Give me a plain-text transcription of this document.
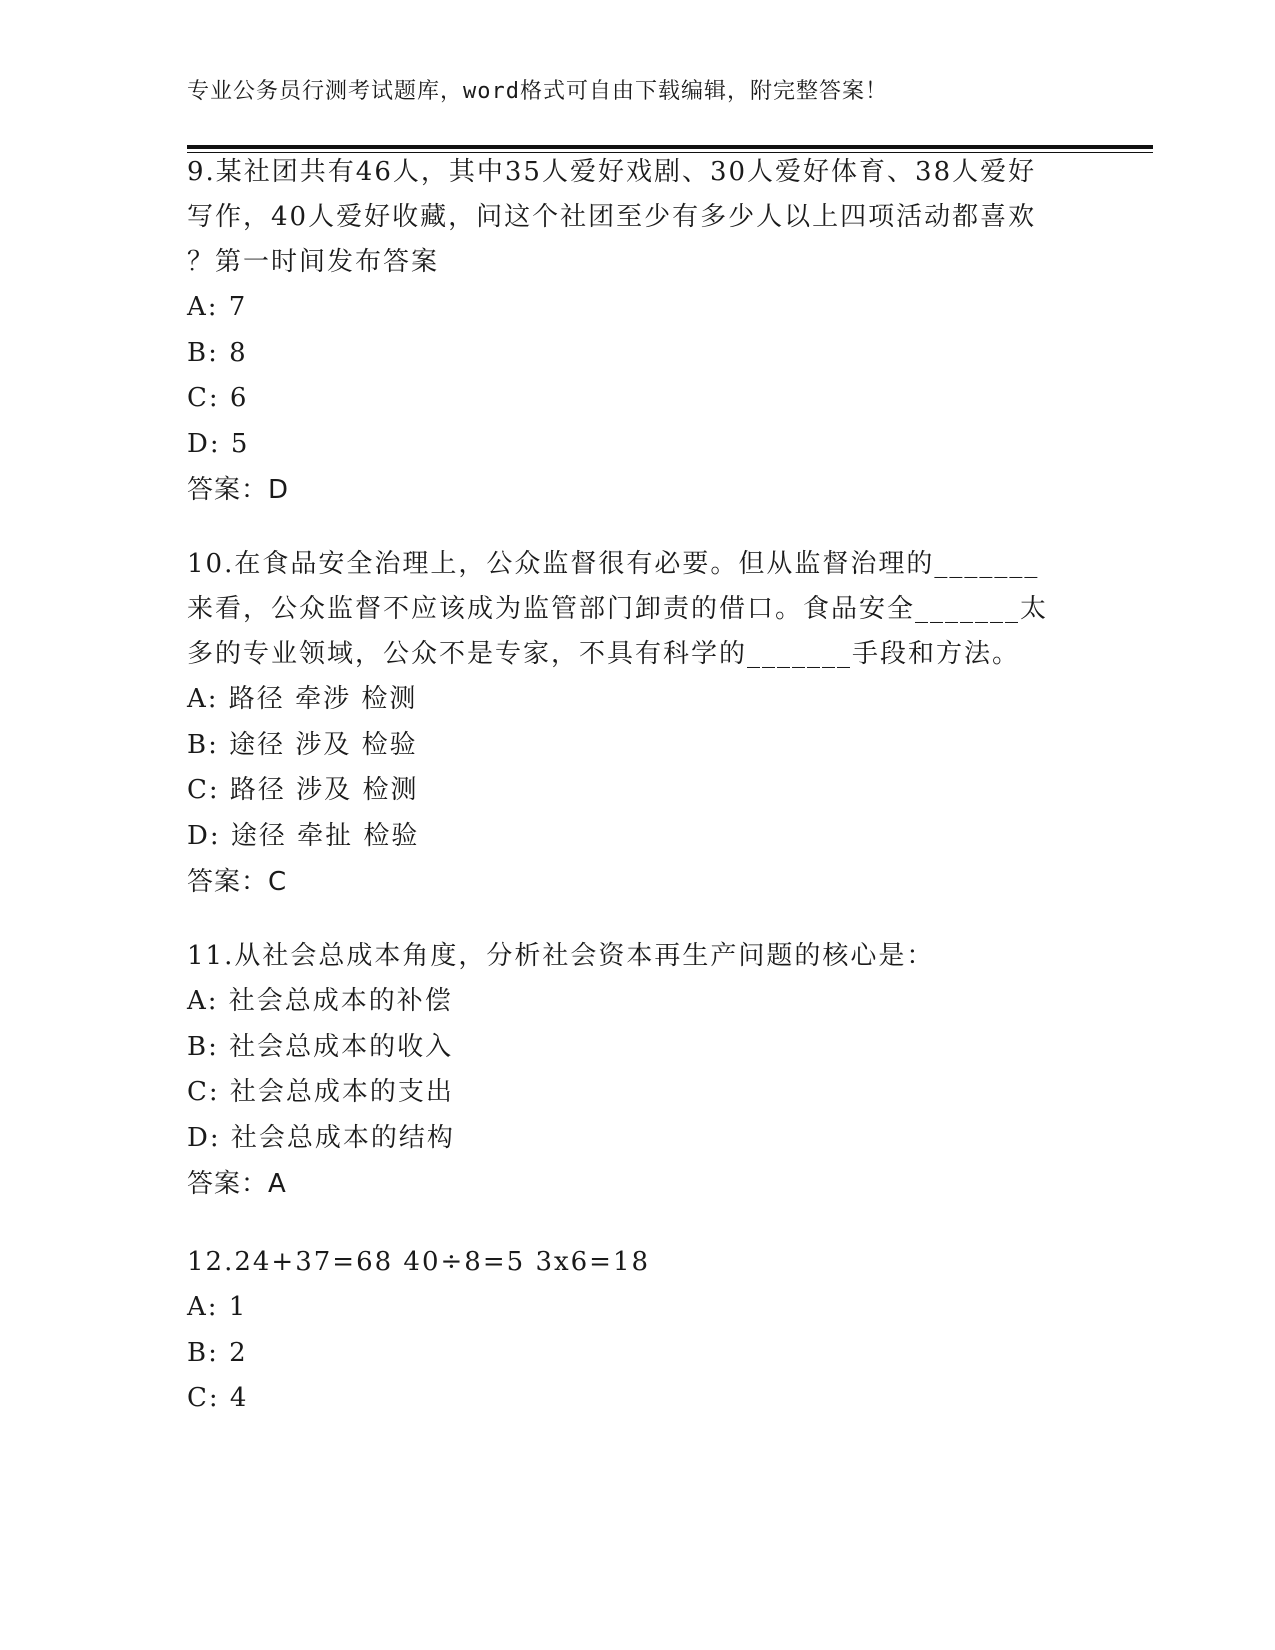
专业公务员行测考试题库，word格式可自由下载编辑，附完整答案！

9.某社团共有46人，其中35人爱好戏剧、30人爱好体育、38人爱好

写作，40人爱好收藏，问这个社团至少有多少人以上四项活动都喜欢

？第一时间发布答案

A: 7

B: 8

C: 6

D: 5

答案：D

10.在食品安全治理上，公众监督很有必要。但从监督治理的_______

来看，公众监督不应该成为监管部门卸责的借口。食品安全_______太

多的专业领域，公众不是专家，不具有科学的_______手段和方法。

A: 路径 牵涉 检测

B: 途径 涉及 检验

C: 路径 涉及 检测

D: 途径 牵扯 检验

答案：C

11.从社会总成本角度，分析社会资本再生产问题的核心是：

A: 社会总成本的补偿

B: 社会总成本的收入

C: 社会总成本的支出

D: 社会总成本的结构

答案：A

12.24+37=68 40÷8=5 3x6=18

A: 1

B: 2

C: 4
